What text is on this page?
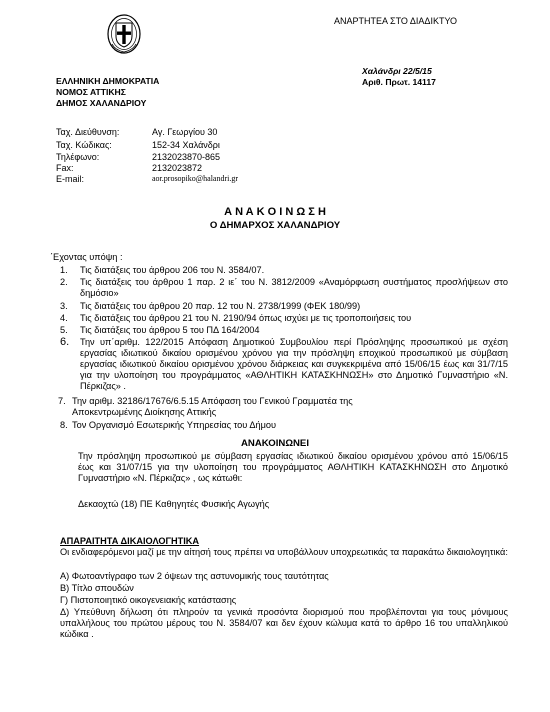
ΑΝΑΡΤΗΤΕΑ ΣΤΟ ΔΙΑΔΙΚΤΥΟ
Χαλάνδρι 22/5/15
Αριθ. Πρωτ. 14117
ΕΛΛΗΝΙΚΗ ΔΗΜΟΚΡΑΤΙΑ
ΝΟΜΟΣ ΑΤΤΙΚΗΣ
ΔΗΜΟΣ ΧΑΛΑΝΔΡΙΟΥ
Ταχ. Διεύθυνση:	Αγ. Γεωργίου 30
Ταχ. Κώδικας:	152-34 Χαλάνδρι
Τηλέφωνο:	2132023870-865
Fax:	2132023872
E-mail:	aor.prosopiko@halandri.gr
Α Ν Α Κ Ο Ι Ν Ω Σ Η
Ο ΔΗΜΑΡΧΟΣ ΧΑΛΑΝΔΡΙΟΥ
΄Εχοντας υπόψη :
1. Τις διατάξεις του άρθρου 206 του Ν. 3584/07.
2. Τις διατάξεις του άρθρου 1 παρ. 2 ιε΄ του Ν. 3812/2009 «Αναμόρφωση συστήματος προσλήψεων στο δημόσιο»
3. Τις διατάξεις του άρθρου 20 παρ. 12 του Ν. 2738/1999 (ΦΕΚ 180/99)
4. Τις διατάξεις του άρθρου 21 του Ν. 2190/94 όπως ισχύει με τις τροποποιήσεις του
5. Τις διατάξεις του άρθρου 5 του ΠΔ 164/2004
6. Την υπ΄αριθμ. 122/2015 Απόφαση Δημοτικού Συμβουλίου περί Πρόσληψης προσωπικού με σχέση εργασίας ιδιωτικού δικαίου ορισμένου χρόνου για την πρόσληψη εποχικού προσωπικού με σύμβαση εργασίας ιδιωτικού δικαίου ορισμένου χρόνου διάρκειας και συγκεκριμένα από 15/06/15 έως και 31/7/15 για την υλοποίηση του προγράμματος «ΑΘΛΗΤΙΚΗ ΚΑΤΑΣΚΗΝΩΣΗ» στο Δημοτικό Γυμναστήριο «Ν. Πέρκιζας» .
7. Την αριθμ. 32186/17676/6.5.15 Απόφαση του Γενικού Γραμματέα της Αποκεντρωμένης Διοίκησης Αττικής
8. Τον Οργανισμό Εσωτερικής Υπηρεσίας του Δήμου
ΑΝΑΚΟΙΝΩΝΕΙ
Την πρόσληψη προσωπικού με σύμβαση εργασίας ιδιωτικού δικαίου ορισμένου χρόνου από 15/06/15 έως και 31/07/15 για την υλοποίηση του προγράμματος ΑΘΛΗΤΙΚΗ ΚΑΤΑΣΚΗΝΩΣΗ στο Δημοτικό Γυμναστήριο «Ν. Πέρκιζας» , ως κάτωθι:
Δεκαοχτώ (18) ΠΕ Καθηγητές Φυσικής Αγωγής
ΑΠΑΡΑΙΤΗΤΑ ΔΙΚΑΙΟΛΟΓΗΤΙΚΑ
Οι ενδιαφερόμενοι μαζί με την αίτησή τους πρέπει να υποβάλλουν υποχρεωτικάς τα παρακάτω δικαιολογητικά:
Α) Φωτοαντίγραφο των 2 όψεων της αστυνομικής τους ταυτότητας
Β) Τίτλο σπουδών
Γ) Πιστοποιητικό οικογενειακής κατάστασης
Δ) Υπεύθυνη δήλωση ότι πληρούν τα γενικά προσόντα διορισμού που προβλέπονται για τους μόνιμους υπαλλήλους του πρώτου μέρους του Ν. 3584/07 και δεν έχουν κώλυμα κατά το άρθρο 16 του υπαλληλικού κώδικα .
